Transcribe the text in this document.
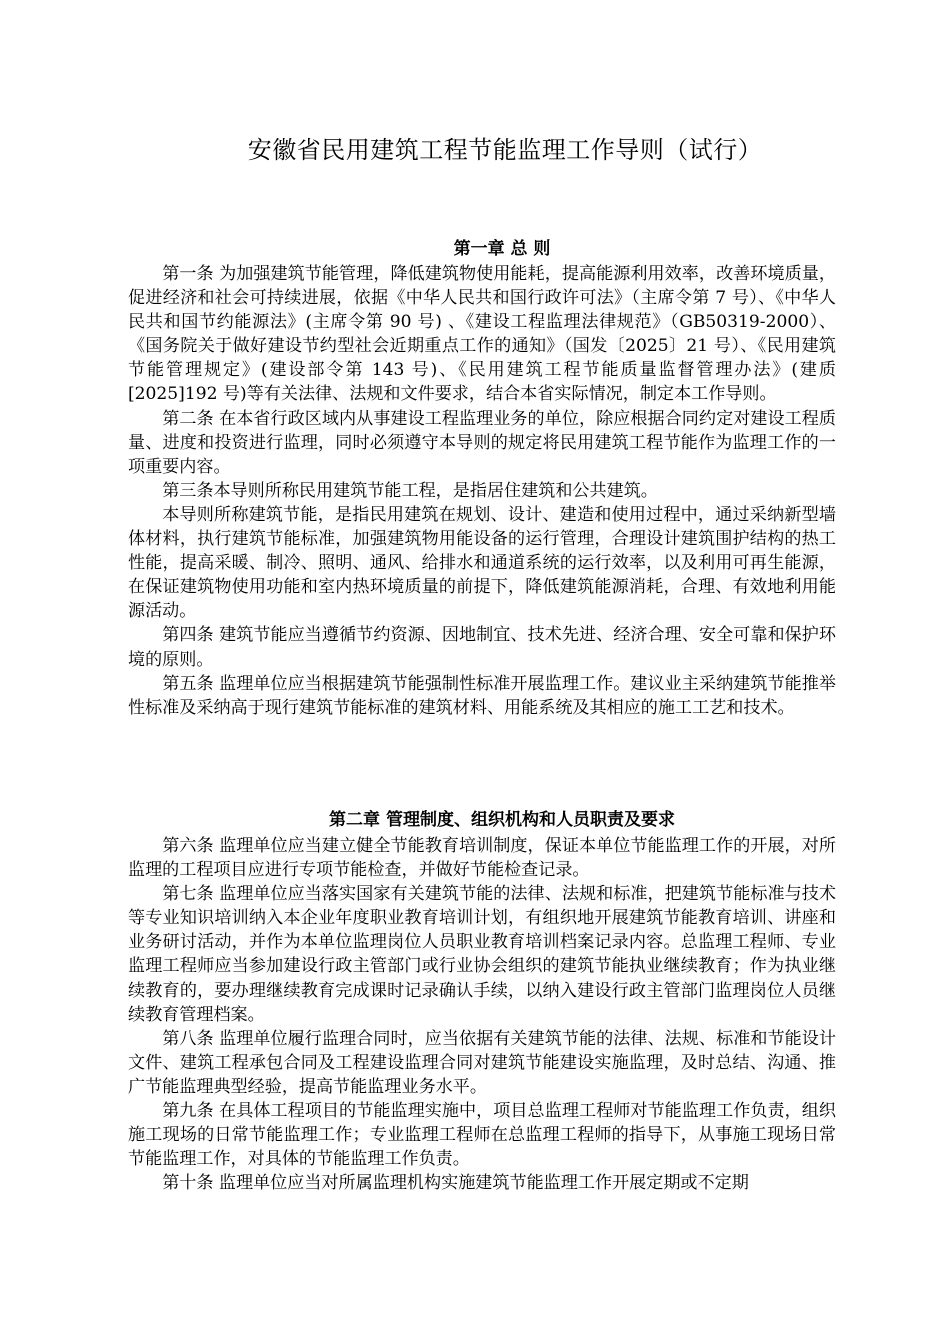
安徽省民用建筑工程节能监理工作导则（试行）
第一章 总 则

第一条 为加强建筑节能管理，降低建筑物使用能耗，提高能源利用效率，改善环境质量，促进经济和社会可持续进展，依据《中华人民共和国行政许可法》（主席令第 7 号）、《中华人民共和国节约能源法》(主席令第 90 号) 、《建设工程监理法律规范》（GB50319-2000）、《国务院关于做好建设节约型社会近期重点工作的通知》（国发〔2025〕21 号）、《民用建筑节能管理规定》(建设部令第 143 号)、《民用建筑工程节能质量监督管理办法》(建质[2025]192 号)等有关法律、法规和文件要求，结合本省实际情况，制定本工作导则。

第二条 在本省行政区域内从事建设工程监理业务的单位，除应根据合同约定对建设工程质量、进度和投资进行监理，同时必须遵守本导则的规定将民用建筑工程节能作为监理工作的一项重要内容。

第三条本导则所称民用建筑节能工程，是指居住建筑和公共建筑。

本导则所称建筑节能，是指民用建筑在规划、设计、建造和使用过程中，通过采纳新型墙体材料，执行建筑节能标准，加强建筑物用能设备的运行管理，合理设计建筑围护结构的热工性能，提高采暖、制冷、照明、通风、给排水和通道系统的运行效率，以及利用可再生能源，在保证建筑物使用功能和室内热环境质量的前提下，降低建筑能源消耗，合理、有效地利用能源活动。

第四条 建筑节能应当遵循节约资源、因地制宜、技术先进、经济合理、安全可靠和保护环境的原则。

第五条 监理单位应当根据建筑节能强制性标准开展监理工作。建议业主采纳建筑节能推举性标准及采纳高于现行建筑节能标准的建筑材料、用能系统及其相应的施工工艺和技术。

第二章 管理制度、组织机构和人员职责及要求

第六条 监理单位应当建立健全节能教育培训制度，保证本单位节能监理工作的开展，对所监理的工程项目应进行专项节能检查，并做好节能检查记录。

第七条 监理单位应当落实国家有关建筑节能的法律、法规和标准，把建筑节能标准与技术等专业知识培训纳入本企业年度职业教育培训计划，有组织地开展建筑节能教育培训、讲座和业务研讨活动，并作为本单位监理岗位人员职业教育培训档案记录内容。总监理工程师、专业监理工程师应当参加建设行政主管部门或行业协会组织的建筑节能执业继续教育；作为执业继续教育的，要办理继续教育完成课时记录确认手续，以纳入建设行政主管部门监理岗位人员继续教育管理档案。

第八条 监理单位履行监理合同时，应当依据有关建筑节能的法律、法规、标准和节能设计文件、建筑工程承包合同及工程建设监理合同对建筑节能建设实施监理，及时总结、沟通、推广节能监理典型经验，提高节能监理业务水平。

第九条 在具体工程项目的节能监理实施中，项目总监理工程师对节能监理工作负责，组织施工现场的日常节能监理工作；专业监理工程师在总监理工程师的指导下，从事施工现场日常节能监理工作，对具体的节能监理工作负责。

第十条 监理单位应当对所属监理机构实施建筑节能监理工作开展定期或不定期
